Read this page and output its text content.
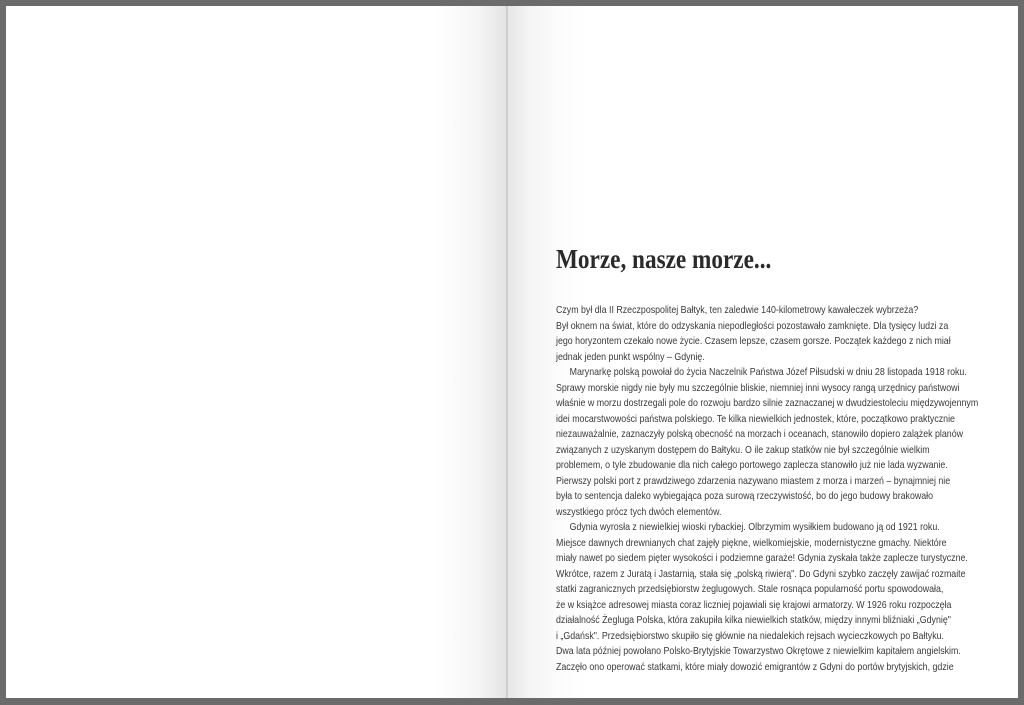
Morze, nasze morze...
Czym był dla II Rzeczpospolitej Bałtyk, ten zaledwie 140-kilometrowy kawałeczek wybrzeża?
Był oknem na świat, które do odzyskania niepodległości pozostawało zamknięte. Dla tysięcy ludzi za
jego horyzontem czekało nowe życie. Czasem lepsze, czasem gorsze. Początek każdego z nich miał
jednak jeden punkt wspólny – Gdynię.
Marynarkę polską powołał do życia Naczelnik Państwa Józef Piłsudski w dniu 28 listopada 1918 roku.
Sprawy morskie nigdy nie były mu szczególnie bliskie, niemniej inni wysocy rangą urzędnicy państwowi
właśnie w morzu dostrzegali pole do rozwoju bardzo silnie zaznaczanej w dwudziestoleciu międzywojennym
idei mocarstwowości państwa polskiego. Te kilka niewielkich jednostek, które, początkowo praktycznie
niezauważalnie, zaznaczyły polską obecność na morzach i oceanach, stanowiło dopiero zalążek planów
związanych z uzyskanym dostępem do Bałtyku. O ile zakup statków nie był szczególnie wielkim
problemem, o tyle zbudowanie dla nich całego portowego zaplecza stanowiło już nie lada wyzwanie.
Pierwszy polski port z prawdziwego zdarzenia nazywano miastem z morza i marzeń – bynajmniej nie
była to sentencja daleko wybiegająca poza surową rzeczywistość, bo do jego budowy brakowało
wszystkiego prócz tych dwóch elementów.
Gdynia wyrosła z niewielkiej wioski rybackiej. Olbrzymim wysiłkiem budowano ją od 1921 roku.
Miejsce dawnych drewnianych chat zajęły piękne, wielkomiejskie, modernistyczne gmachy. Niektóre
miały nawet po siedem pięter wysokości i podziemne garaże! Gdynia zyskała także zaplecze turystyczne.
Wkrótce, razem z Juratą i Jastarnią, stała się „polską riwierą". Do Gdyni szybko zaczęły zawijać rozmaite
statki zagranicznych przedsiębiorstw żeglugowych. Stale rosnąca popularność portu spowodowała,
że w książce adresowej miasta coraz liczniej pojawiali się krajowi armatorzy. W 1926 roku rozpoczęła
działalność Żegluga Polska, która zakupiła kilka niewielkich statków, między innymi bliźniaki „Gdynię"
i „Gdańsk". Przedsiębiorstwo skupiło się głównie na niedalekich rejsach wycieczkowych po Bałtyku.
Dwa lata później powołano Polsko-Brytyjskie Towarzystwo Okrętowe z niewielkim kapitałem angielskim.
Zaczęło ono operować statkami, które miały dowozić emigrantów z Gdyni do portów brytyjskich, gdzie
